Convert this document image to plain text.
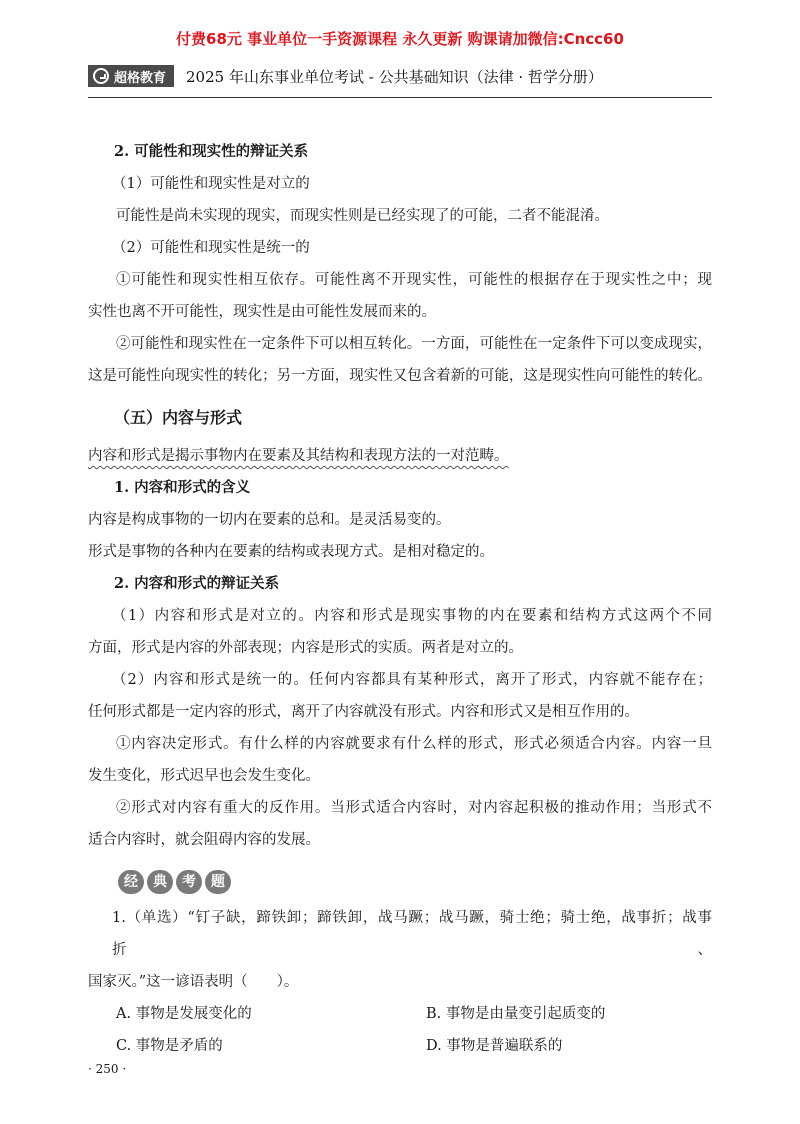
付费68元 事业单位一手资源课程 永久更新 购课请加微信:Cncc60
超格教育 2025 年山东事业单位考试 - 公共基础知识（法律 · 哲学分册）
2. 可能性和现实性的辩证关系
（1）可能性和现实性是对立的
可能性是尚未实现的现实，而现实性则是已经实现了的可能，二者不能混淆。
（2）可能性和现实性是统一的
①可能性和现实性相互依存。可能性离不开现实性，可能性的根据存在于现实性之中；现
实性也离不开可能性，现实性是由可能性发展而来的。
②可能性和现实性在一定条件下可以相互转化。一方面，可能性在一定条件下可以变成现实，
这是可能性向现实性的转化；另一方面，现实性又包含着新的可能，这是现实性向可能性的转化。
（五）内容与形式
内容和形式是揭示事物内在要素及其结构和表现方法的一对范畴。
1. 内容和形式的含义
内容是构成事物的一切内在要素的总和。是灵活易变的。
形式是事物的各种内在要素的结构或表现方式。是相对稳定的。
2. 内容和形式的辩证关系
（1）内容和形式是对立的。内容和形式是现实事物的内在要素和结构方式这两个不同
方面，形式是内容的外部表现；内容是形式的实质。两者是对立的。
（2）内容和形式是统一的。任何内容都具有某种形式，离开了形式，内容就不能存在；
任何形式都是一定内容的形式，离开了内容就没有形式。内容和形式又是相互作用的。
①内容决定形式。有什么样的内容就要求有什么样的形式，形式必须适合内容。内容一旦
发生变化，形式迟早也会发生变化。
②形式对内容有重大的反作用。当形式适合内容时，对内容起积极的推动作用；当形式不
适合内容时，就会阻碍内容的发展。
经	典	考	题
1.（单选）“钉子缺，蹄铁卸；蹄铁卸，战马蹶；战马蹶，骑士绝；骑士绝，战事折；战事折、
国家灭。”这一谚语表明（　　）。
A. 事物是发展变化的	B. 事物是由量变引起质变的
C. 事物是矛盾的	D. 事物是普遍联系的
· 250 ·
